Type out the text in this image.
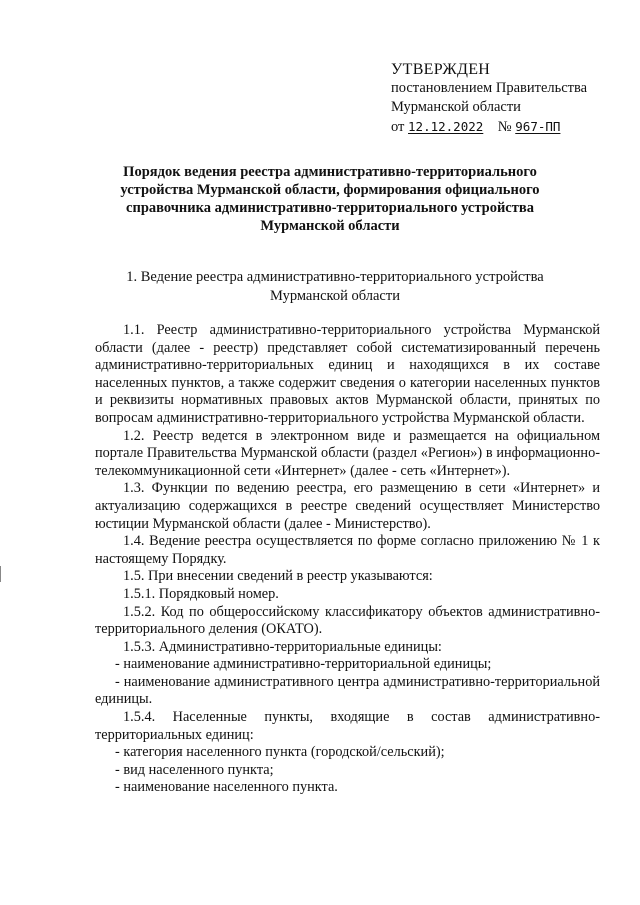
УТВЕРЖДЕН
постановлением Правительства
Мурманской области
от 12.12.2022 № 967-ПП
Порядок ведения реестра административно-территориального устройства Мурманской области, формирования официального справочника административно-территориального устройства Мурманской области
1. Ведение реестра административно-территориального устройства Мурманской области

1.1. Реестр административно-территориального устройства Мурманской области (далее - реестр) представляет собой систематизированный перечень административно-территориальных единиц и находящихся в их составе населенных пунктов, а также содержит сведения о категории населенных пунктов и реквизиты нормативных правовых актов Мурманской области, принятых по вопросам административно-территориального устройства Мурманской области.

1.2. Реестр ведется в электронном виде и размещается на официальном портале Правительства Мурманской области (раздел «Регион») в информационно-телекоммуникационной сети «Интернет» (далее - сеть «Интернет»).

1.3. Функции по ведению реестра, его размещению в сети «Интернет» и актуализацию содержащихся в реестре сведений осуществляет Министерство юстиции Мурманской области (далее - Министерство).

1.4. Ведение реестра осуществляется по форме согласно приложению № 1 к настоящему Порядку.

1.5. При внесении сведений в реестр указываются:

1.5.1. Порядковый номер.

1.5.2. Код по общероссийскому классификатору объектов административно-территориального деления (ОКАТО).

1.5.3. Административно-территориальные единицы:

- наименование административно-территориальной единицы;

- наименование административного центра административно-территориальной единицы.

1.5.4. Населенные пункты, входящие в состав административно-территориальных единиц:

- категория населенного пункта (городской/сельский);

- вид населенного пункта;

- наименование населенного пункта.
